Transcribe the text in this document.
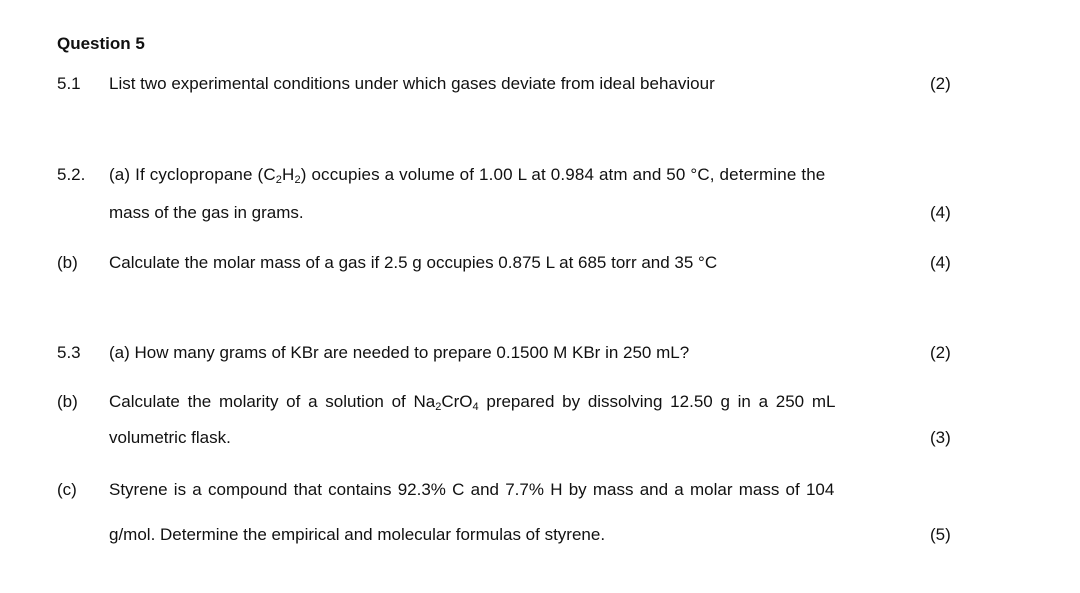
Question 5
5.1 List two experimental conditions under which gases deviate from ideal behaviour	(2)
5.2. (a) If cyclopropane $(C_2H_2)$ occupies a volume of 1.00 L at 0.984 atm and 50 °C, determine the
mass of the gas in grams.	(4)
(b) Calculate the molar mass of a gas if 2.5 g occupies 0.875 L at 685 torr and 35 °C	(4)
5.3 (a) How many grams of KBr are needed to prepare 0.1500 M KBr in 250 mL?	(2)
(b) Calculate the molarity of a solution of $Na_2CrO_4$ prepared by dissolving 12.50 g in a 250 mL
volumetric flask.	(3)
(c) Styrene is a compound that contains 92.3% C and 7.7% H by mass and a molar mass of 104
g/mol. Determine the empirical and molecular formulas of styrene.	(5)
